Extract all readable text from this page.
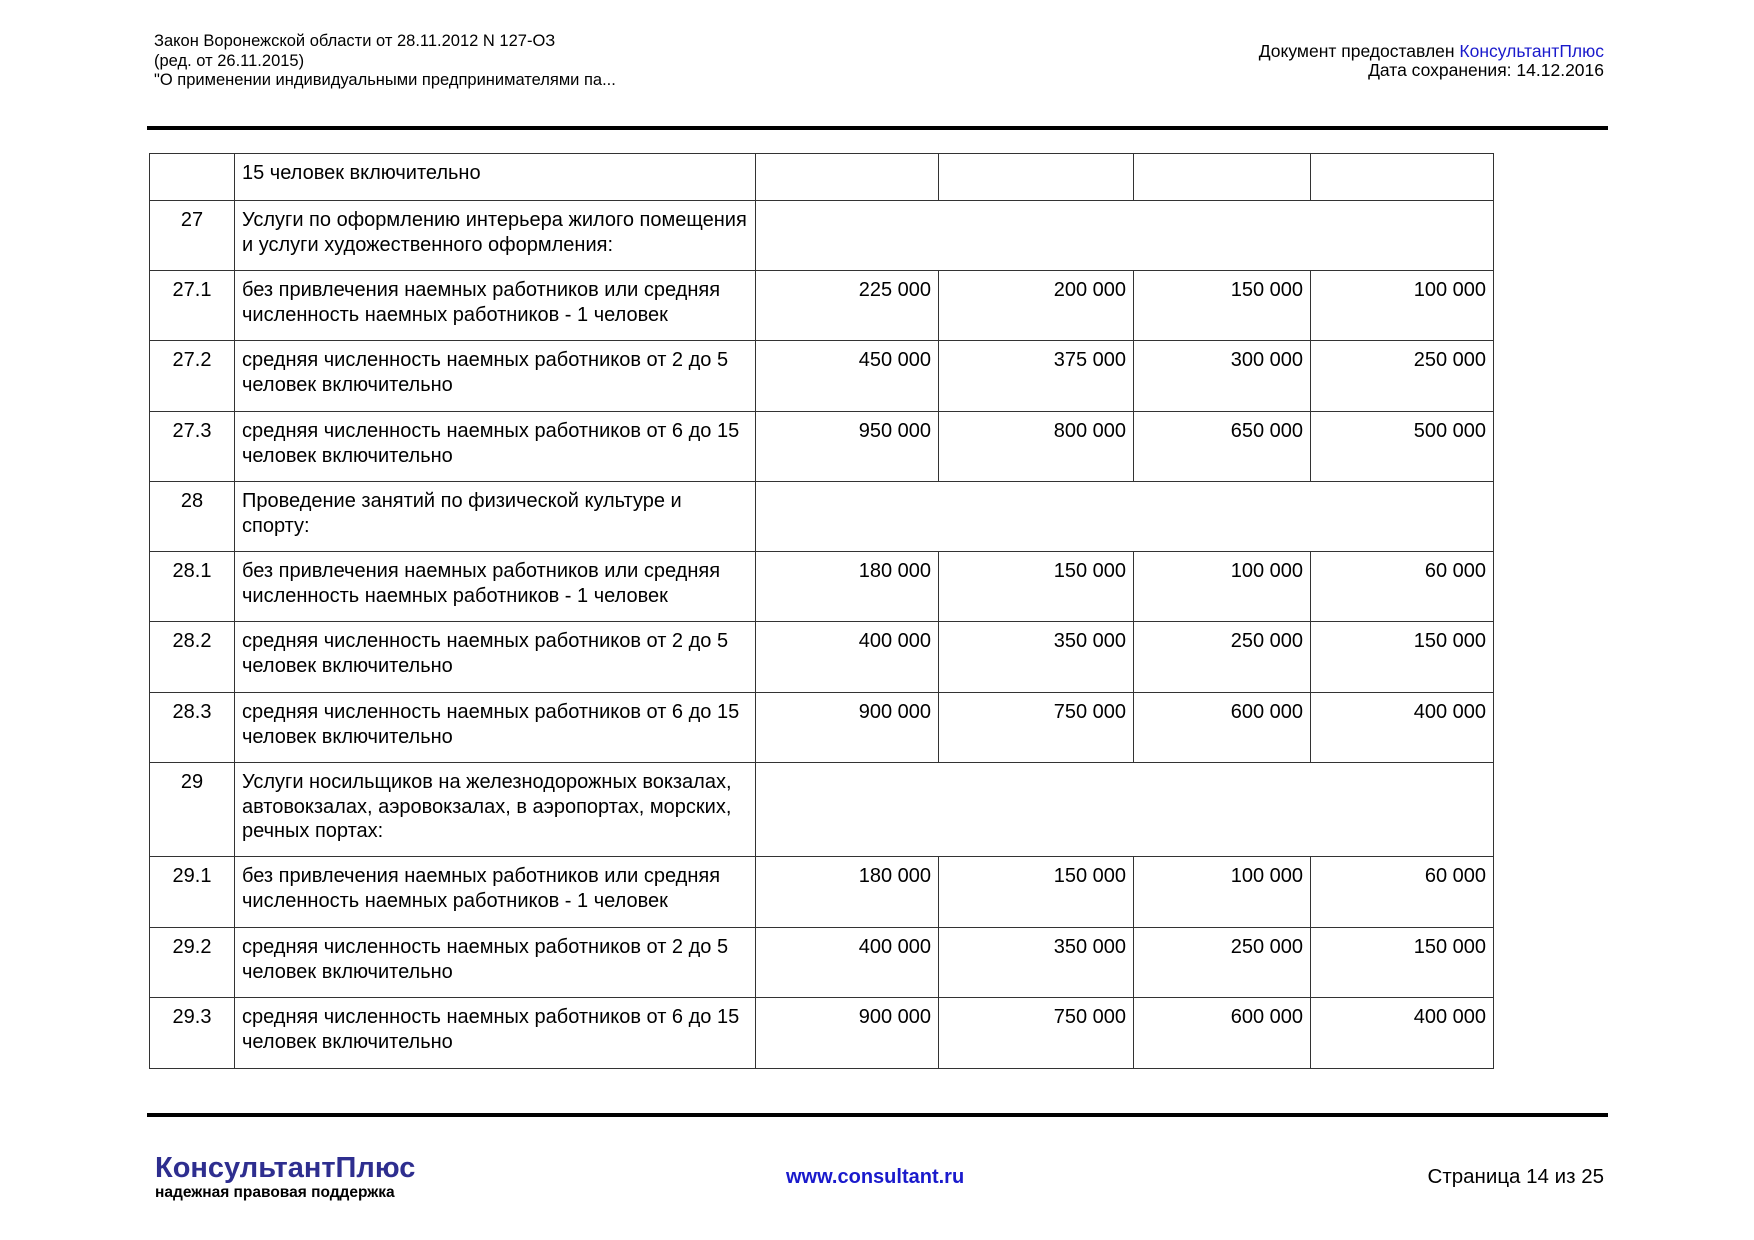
Закон Воронежской области от 28.11.2012 N 127-ОЗ
(ред. от 26.11.2015)
"О применении индивидуальными предпринимателями па...
Документ предоставлен КонсультантПлюс
Дата сохранения: 14.12.2016
	15 человек включительно				
27	Услуги по оформлению интерьера жилого помещения и услуги художественного оформления:				
27.1	без привлечения наемных работников или средняя численность наемных работников - 1 человек	225 000	200 000	150 000	100 000
27.2	средняя численность наемных работников от 2 до 5 человек включительно	450 000	375 000	300 000	250 000
27.3	средняя численность наемных работников от 6 до 15 человек включительно	950 000	800 000	650 000	500 000
28	Проведение занятий по физической культуре и спорту:				
28.1	без привлечения наемных работников или средняя численность наемных работников - 1 человек	180 000	150 000	100 000	60 000
28.2	средняя численность наемных работников от 2 до 5 человек включительно	400 000	350 000	250 000	150 000
28.3	средняя численность наемных работников от 6 до 15 человек включительно	900 000	750 000	600 000	400 000
29	Услуги носильщиков на железнодорожных вокзалах, автовокзалах, аэровокзалах, в аэропортах, морских, речных портах:				
29.1	без привлечения наемных работников или средняя численность наемных работников - 1 человек	180 000	150 000	100 000	60 000
29.2	средняя численность наемных работников от 2 до 5 человек включительно	400 000	350 000	250 000	150 000
29.3	средняя численность наемных работников от 6 до 15 человек включительно	900 000	750 000	600 000	400 000
КонсультантПлюс
надежная правовая поддержка
www.consultant.ru	Страница 14 из 25
